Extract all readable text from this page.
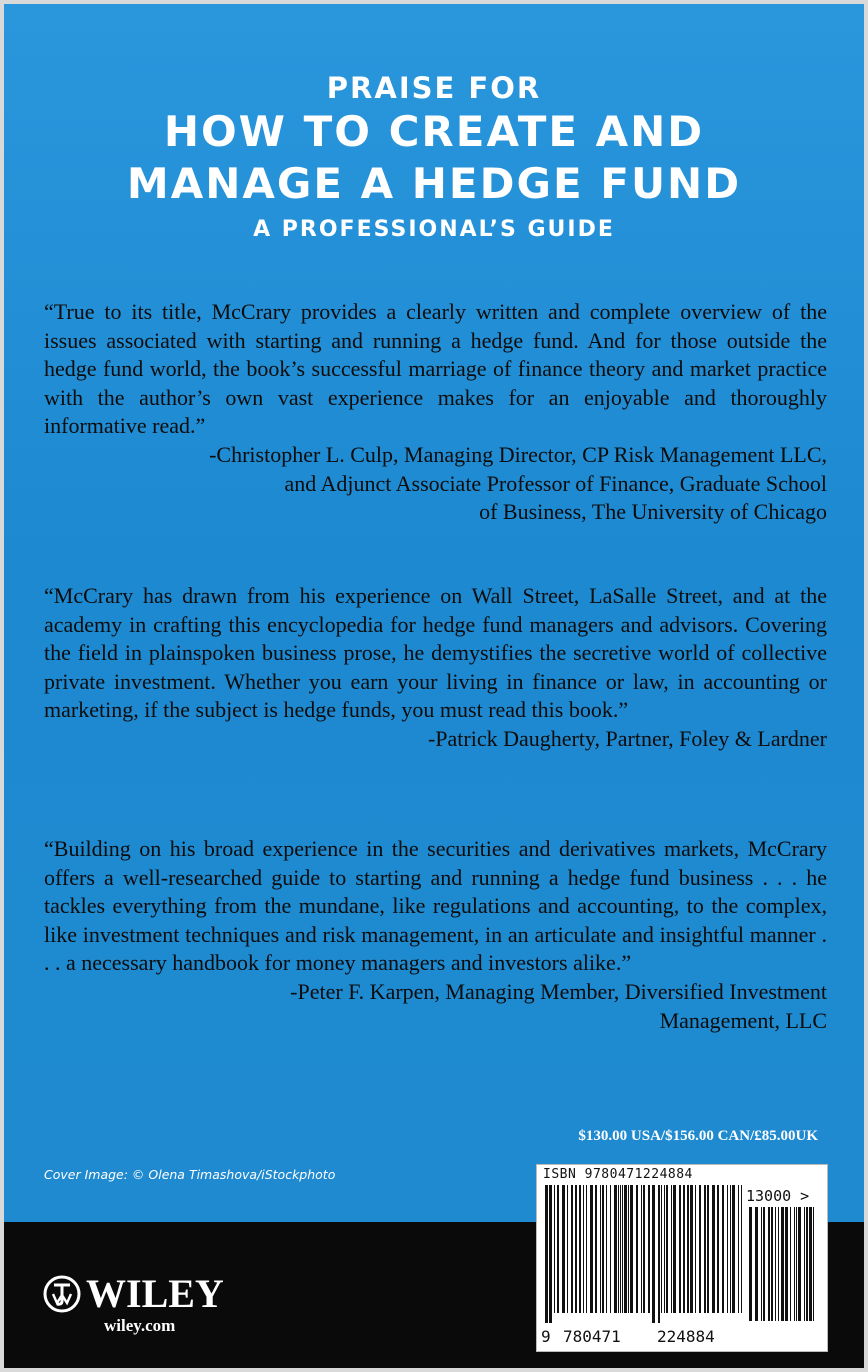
PRAISE FOR
HOW TO CREATE AND
MANAGE A HEDGE FUND
A PROFESSIONAL’S GUIDE

“True to its title, McCrary provides a clearly written and complete overview of the issues associated with starting and running a hedge fund. And for those outside the hedge fund world, the book’s successful marriage of finance theory and market practice with the author’s own vast experience makes for an enjoyable and thoroughly informative read.”

-Christopher L. Culp, Managing Director, CP Risk Management LLC,

and Adjunct Associate Professor of Finance, Graduate School

of Business, The University of Chicago

“McCrary has drawn from his experience on Wall Street, LaSalle Street, and at the academy in crafting this encyclopedia for hedge fund managers and advisors. Covering the field in plainspoken business prose, he demystifies the secretive world of collective private investment. Whether you earn your living in finance or law, in accounting or marketing, if the subject is hedge funds, you must read this book.”

-Patrick Daugherty, Partner, Foley & Lardner

“Building on his broad experience in the securities and derivatives markets, McCrary offers a well-researched guide to starting and running a hedge fund business . . . he tackles everything from the mundane, like regulations and accounting, to the complex, like investment techniques and risk management, in an articulate and insightful manner . . . a necessary handbook for money managers and investors alike.”

-Peter F. Karpen, Managing Member, Diversified Investment

Management, LLC

$130.00 USA/$156.00 CAN/£85.00UK
Cover Image: © Olena Timashova/iStockphoto
WILEY
wiley.com
ISBN 9780471224884
13000 >
9 780471 224884
